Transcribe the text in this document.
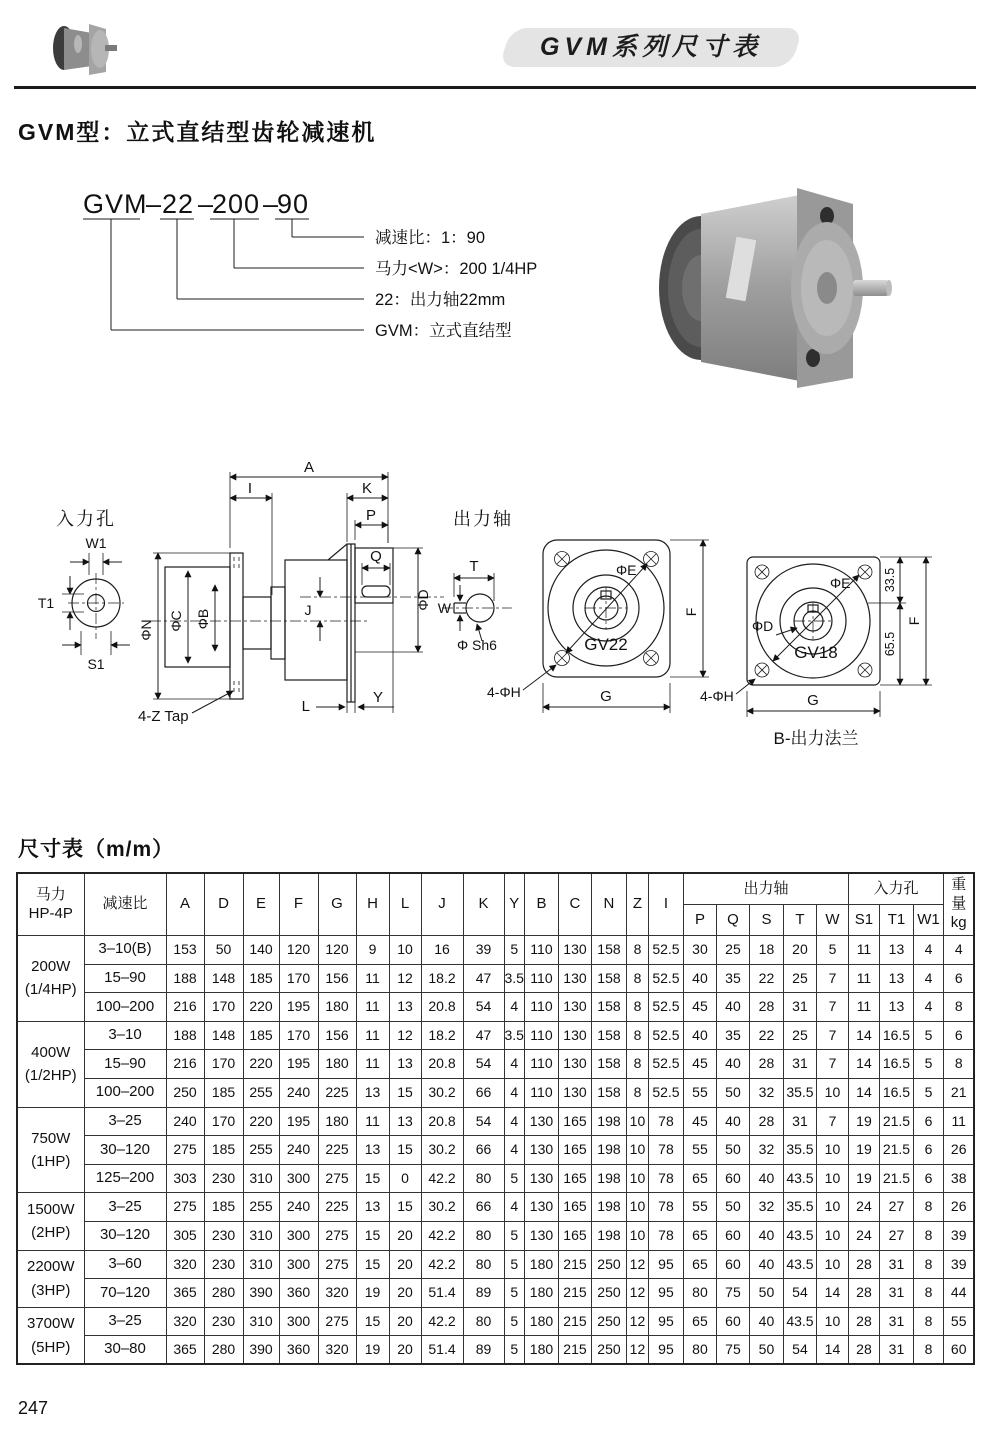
GVM系列尺寸表
GVM型：立式直结型齿轮减速机
GVM
– 22 –
200 –
90
减速比：1：90
马力<W>：200 1/4HP
22：出力轴22mm
GVM：立式直结型
入力孔
W1
T1
S1
ΦN ΦC ΦB
A
I	K
P
Q
ΦD
J
L
Y
4-Z Tap
出力轴
T
W
Φ Sh6
ΦE
GV22
F
G
4-ΦH
ΦE
ΦD
GV18
33.5
65.5
F
G
4-ΦH
B-出力法兰
尺寸表（m/m）
马力
HP-4P
	减速比	A	D	E	F	G	H	L	J	K	Y	B	C	N	Z	I	出力轴	入力孔	重量
kg

																	P	Q	S	T	W	S1	T1	W1	

200W
(1/4HP)	3–10(B)	153	50	140	120	120	9	10	16	39	5	110	130	158	8	52.5	30	25	18	20	5	11	13	4	4
	15–90	188	148	185	170	156	11	12	18.2	47	3.5	110	130	158	8	52.5	40	35	22	25	7	11	13	4	6
	100–200	216	170	220	195	180	11	13	20.8	54	4	110	130	158	8	52.5	45	40	28	31	7	11	13	4	8

400W
(1/2HP)	3–10	188	148	185	170	156	11	12	18.2	47	3.5	110	130	158	8	52.5	40	35	22	25	7	14	16.5	5	6
	15–90	216	170	220	195	180	11	13	20.8	54	4	110	130	158	8	52.5	45	40	28	31	7	14	16.5	5	8
	100–200	250	185	255	240	225	13	15	30.2	66	4	110	130	158	8	52.5	55	50	32	35.5	10	14	16.5	5	21

750W
(1HP)	3–25	240	170	220	195	180	11	13	20.8	54	4	130	165	198	10	78	45	40	28	31	7	19	21.5	6	11
	30–120	275	185	255	240	225	13	15	30.2	66	4	130	165	198	10	78	55	50	32	35.5	10	19	21.5	6	26
	125–200	303	230	310	300	275	15	0	42.2	80	5	130	165	198	10	78	65	60	40	43.5	10	19	21.5	6	38

1500W
(2HP)	3–25	275	185	255	240	225	13	15	30.2	66	4	130	165	198	10	78	55	50	32	35.5	10	24	27	8	26
	30–120	305	230	310	300	275	15	20	42.2	80	5	130	165	198	10	78	65	60	40	43.5	10	24	27	8	39

2200W
(3HP)	3–60	320	230	310	300	275	15	20	42.2	80	5	180	215	250	12	95	65	60	40	43.5	10	28	31	8	39
	70–120	365	280	390	360	320	19	20	51.4	89	5	180	215	250	12	95	80	75	50	54	14	28	31	8	44

3700W
(5HP)	3–25	320	230	310	300	275	15	20	42.2	80	5	180	215	250	12	95	65	60	40	43.5	10	28	31	8	55
	30–80	365	280	390	360	320	19	20	51.4	89	5	180	215	250	12	95	80	75	50	54	14	28	31	8	60
247
